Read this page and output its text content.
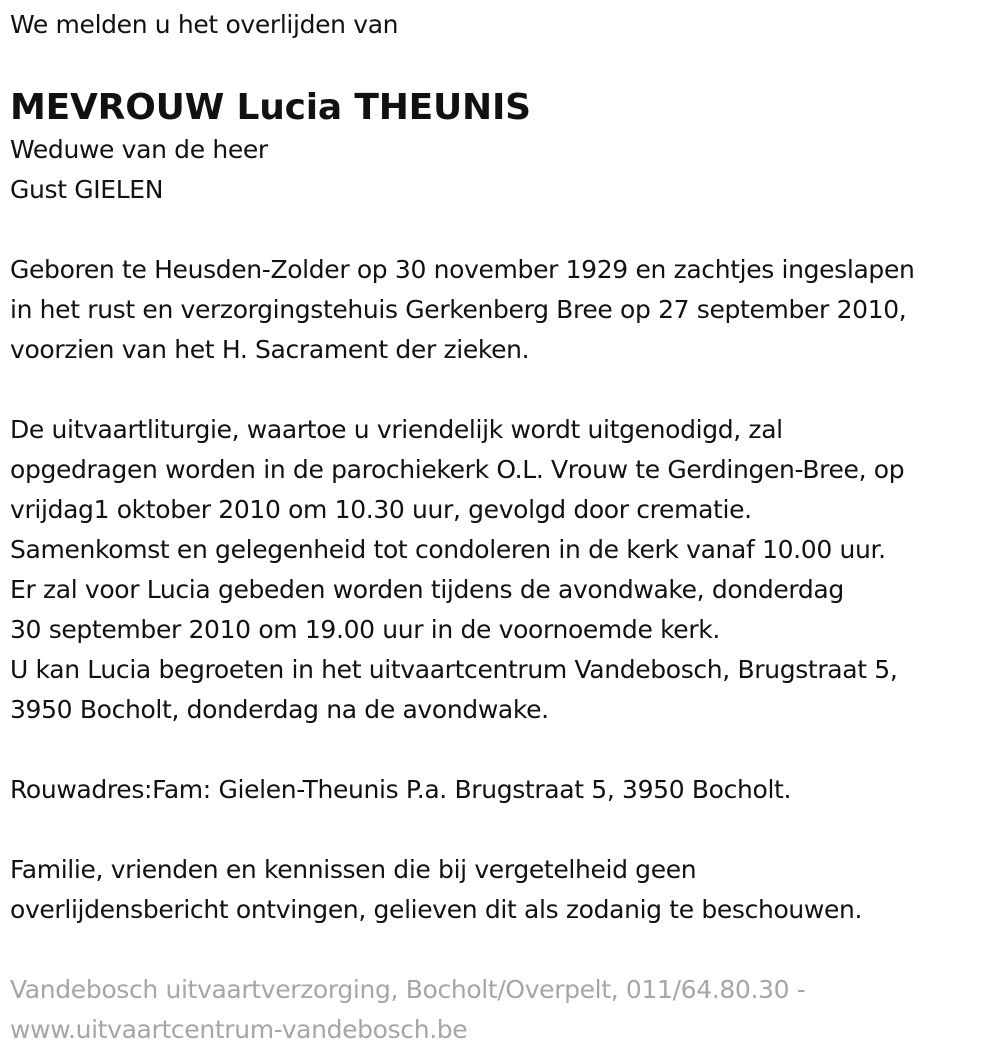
We melden u het overlijden van
MEVROUW Lucia THEUNIS
Weduwe van de heer
Gust GIELEN
Geboren te Heusden-Zolder op 30 november 1929 en zachtjes ingeslapen
in het rust en verzorgingstehuis Gerkenberg Bree op 27 september 2010,
voorzien van het H. Sacrament der zieken.
De uitvaartliturgie, waartoe u vriendelijk wordt uitgenodigd, zal
opgedragen worden in de parochiekerk O.L. Vrouw te Gerdingen-Bree, op
vrijdag1 oktober 2010 om 10.30 uur, gevolgd door crematie.
Samenkomst en gelegenheid tot condoleren in de kerk vanaf 10.00 uur.
Er zal voor Lucia gebeden worden tijdens de avondwake, donderdag
30 september 2010 om 19.00 uur in de voornoemde kerk.
U kan Lucia begroeten in het uitvaartcentrum Vandebosch, Brugstraat 5,
3950 Bocholt, donderdag na de avondwake.
Rouwadres:Fam: Gielen-Theunis P.a. Brugstraat 5, 3950 Bocholt.
Familie, vrienden en kennissen die bij vergetelheid geen
overlijdensbericht ontvingen, gelieven dit als zodanig te beschouwen.
Vandebosch uitvaartverzorging, Bocholt/Overpelt, 011/64.80.30 -
www.uitvaartcentrum-vandebosch.be
